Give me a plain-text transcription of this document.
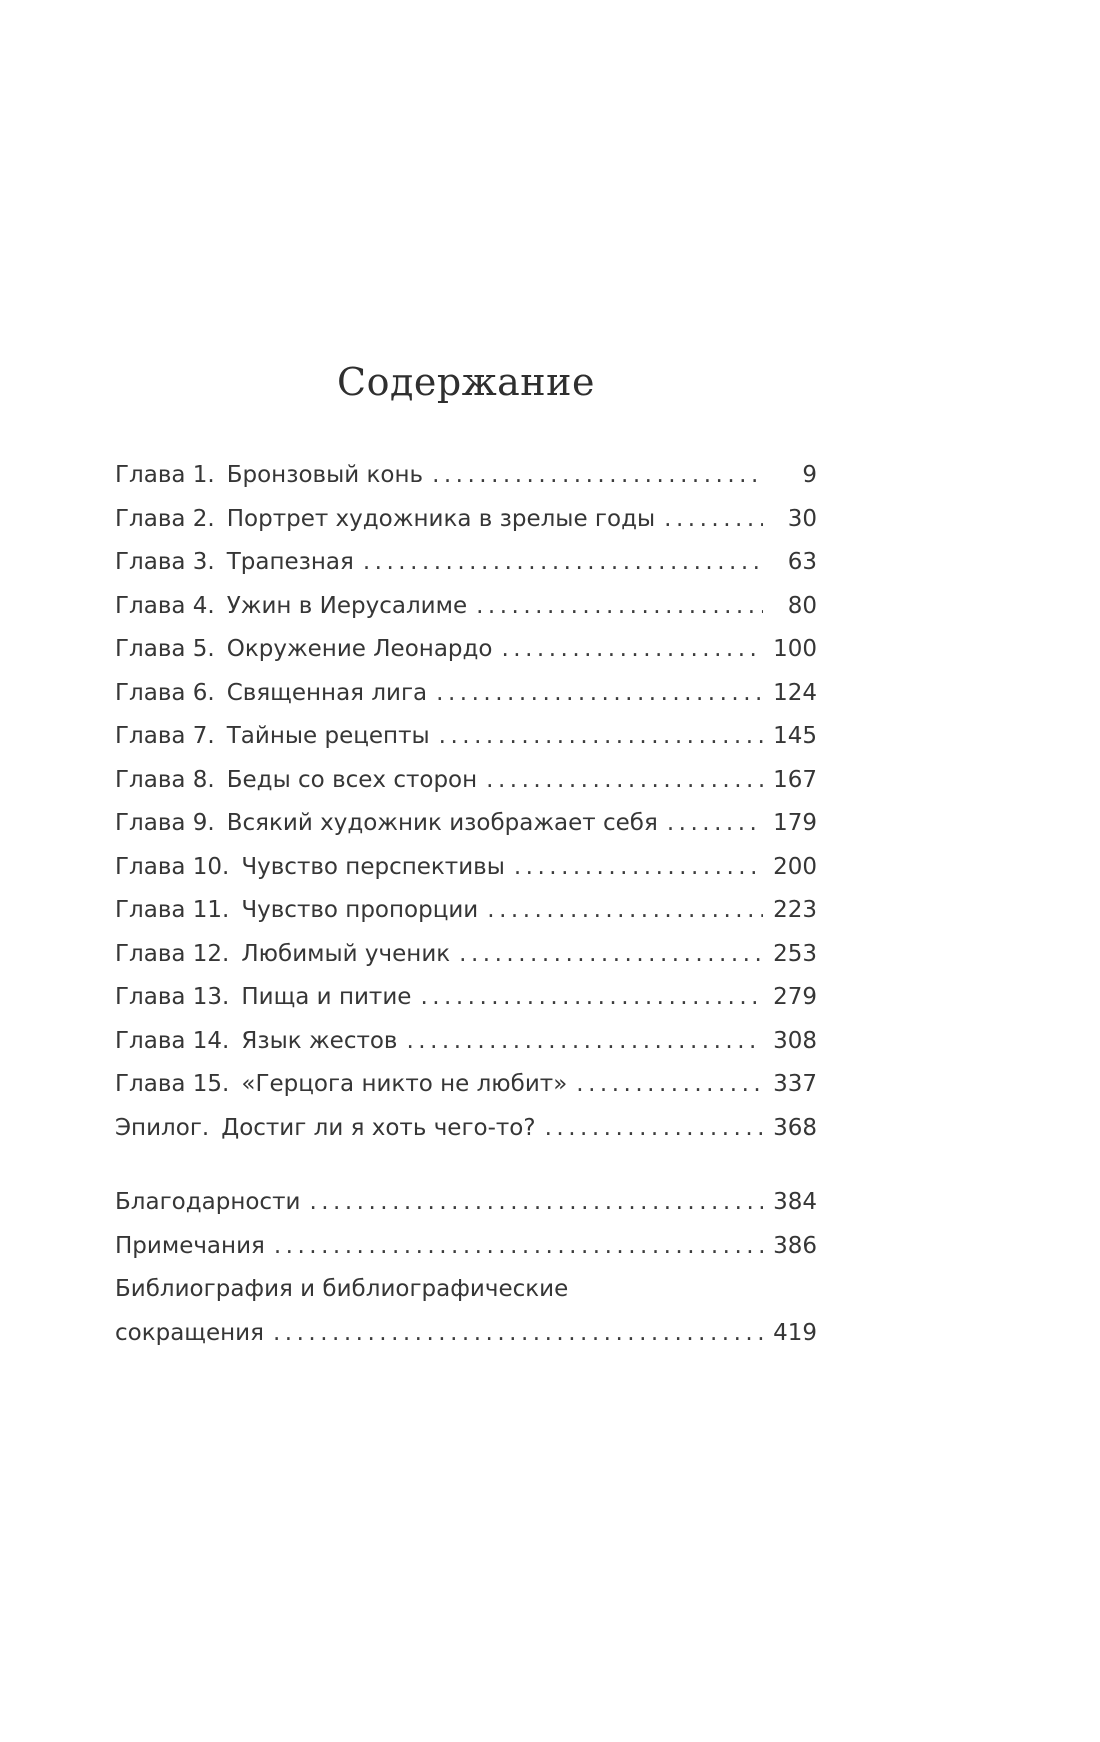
Содержание
Глава 1. Бронзовый конь .....	9
Глава 2. Портрет художника в зрелые годы .....	30
Глава 3. Трапезная .....	63
Глава 4. Ужин в Иерусалиме .....	80
Глава 5. Окружение Леонардо .....	100
Глава 6. Священная лига .....	124
Глава 7. Тайные рецепты .....	145
Глава 8. Беды со всех сторон .....	167
Глава 9. Всякий художник изображает себя .....	179
Глава 10. Чувство перспективы .....	200
Глава 11. Чувство пропорции .....	223
Глава 12. Любимый ученик .....	253
Глава 13. Пища и питие .....	279
Глава 14. Язык жестов .....	308
Глава 15. «Герцога никто не любит» .....	337
Эпилог. Достиг ли я хоть чего-то? .....	368
Благодарности .....	384
Примечания .....	386
Библиография и библиографические
сокращения .....	419
